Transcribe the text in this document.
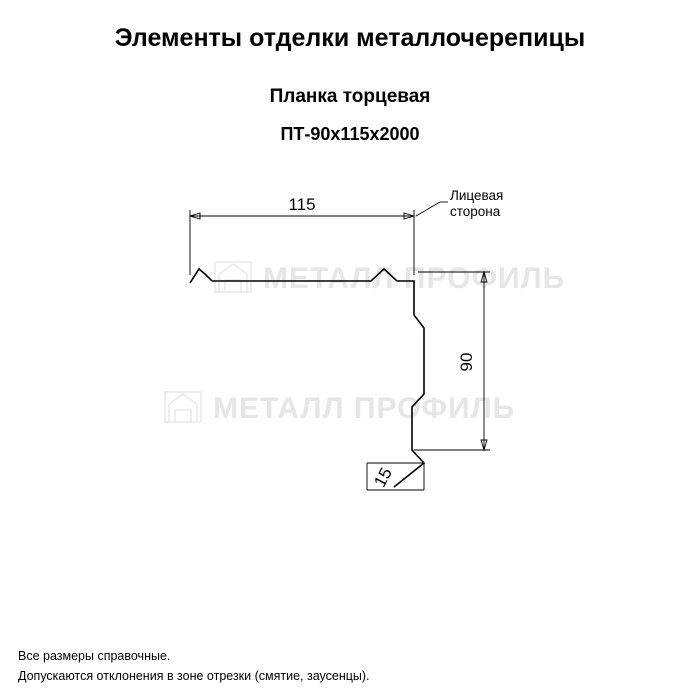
Элементы отделки металлочерепицы
Планка торцевая
ПТ-90х115х2000
МЕТАЛЛ ПРОФИЛЬ
МЕТАЛЛ ПРОФИЛЬ
115
90
15
Лицевая
сторона
Все размеры справочные.
Допускаются отклонения в зоне отрезки (смятие, заусенцы).
